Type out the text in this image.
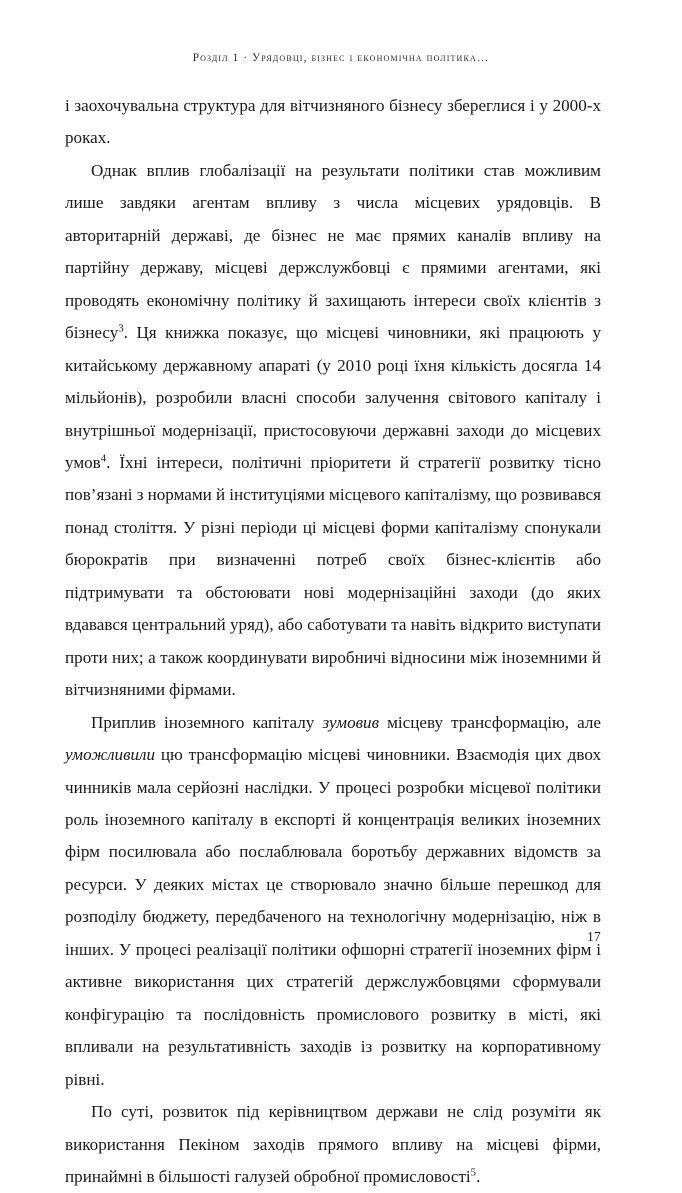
Розділ 1 · Урядовці, бізнес і економічна політика…

і заохочувальна структура для вітчизняного бізнесу збереглися і у 2000-х роках.

Однак вплив глобалізації на результати політики став можливим лише завдяки агентам впливу з числа місцевих урядовців. В авторитарній державі, де бізнес не має прямих каналів впливу на партійну державу, місцеві держслужбовці є прямими агентами, які проводять економічну політику й захищають інтереси своїх клієнтів з бізнесу$^3$. Ця книжка показує, що місцеві чиновники, які працюють у китайському державному апараті (у 2010 році їхня кількість досягла 14 мільйонів), розробили власні способи залучення світового капіталу і внутрішньої модернізації, пристосовуючи державні заходи до місцевих умов$^4$. Їхні інтереси, політичні пріоритети й стратегії розвитку тісно пов’язані з нормами й інституціями місцевого капіталізму, що розвивався понад століття. У різні періоди ці місцеві форми капіталізму спонукали бюрократів при визначенні потреб своїх бізнес-клієнтів або підтримувати та обстоювати нові модернізаційні заходи (до яких вдавався центральний уряд), або саботувати та навіть відкрито виступати проти них; а також координувати виробничі відносини між іноземними й вітчизняними фірмами.

Приплив іноземного капіталу зумовив місцеву трансформацію, але уможливили цю трансформацію місцеві чиновники. Взаємодія цих двох чинників мала серйозні наслідки. У процесі розробки місцевої політики роль іноземного капіталу в експорті й концентрація великих іноземних фірм посилювала або послаблювала боротьбу державних відомств за ресурси. У деяких містах це створювало значно більше перешкод для розподілу бюджету, передбаченого на технологічну модернізацію, ніж в інших. У процесі реалізації політики офшорні стратегії іноземних фірм і активне використання цих стратегій держслужбовцями сформували конфігурацію та послідовність промислового розвитку в місті, які впливали на результативність заходів із розвитку на корпоративному рівні.

По суті, розвиток під керівництвом держави не слід розуміти як використання Пекіном заходів прямого впливу на місцеві фірми, принаймні в більшості галузей обробної промисловості$^5$.

17
